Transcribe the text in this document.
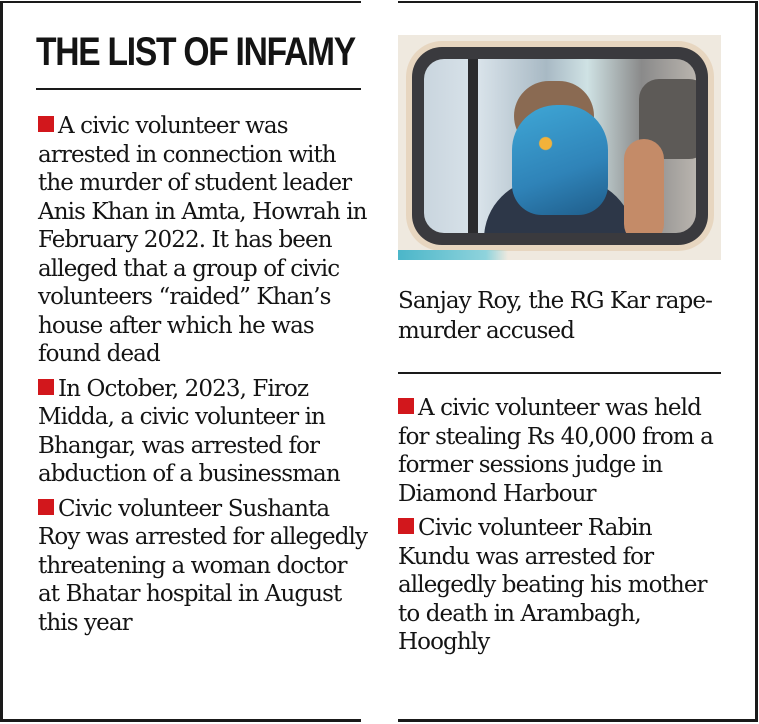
THE LIST OF INFAMY

A civic volunteer was arrested in connection with the murder of student leader Anis Khan in Amta, Howrah in February 2022. It has been alleged that a group of civic volunteers “raided” Khan’s house after which he was found dead

In October, 2023, Firoz Midda, a civic volunteer in Bhangar, was arrested for abduction of a businessman

Civic volunteer Sushanta Roy was arrested for allegedly threatening a woman doctor at Bhatar hospital in August this year

Sanjay Roy, the RG Kar rape-murder accused

A civic volunteer was held for stealing Rs 40,000 from a former sessions judge in Diamond Harbour

Civic volunteer Rabin Kundu was arrested for allegedly beating his mother to death in Arambagh, Hooghly
